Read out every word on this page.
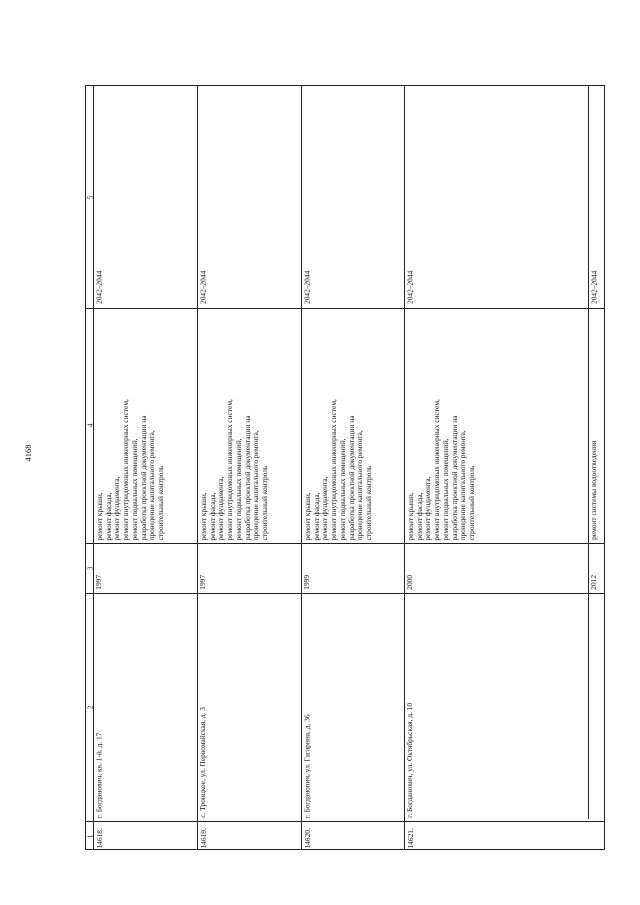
4168
1
2
3
4
5
14618.
г. Богданович, кв. 1-й, д. 17
1997
ремонт крыши, ремонт фасада, ремонт фундамента, ремонт внутридомовых инженерных систем, ремонт подвальных помещений, разработка проектной документации на проведение капитального ремонта, строительный контроль
2042–2044
14619.
с. Троицкое, ул. Первомайская, д. 3
1997
ремонт крыши, ремонт фасада, ремонт фундамента, ремонт внутридомовых инженерных систем, ремонт подвальных помещений, разработка проектной документации на проведение капитального ремонта, строительный контроль
2042–2044
14620.
г. Богданович, ул. Гагарина, д. 36
1999
ремонт крыши, ремонт фасада, ремонт фундамента, ремонт внутридомовых инженерных систем, ремонт подвальных помещений, разработка проектной документации на проведение капитального ремонта, строительный контроль
2042–2044
14621.
г. Богданович, ул. Октябрьская, д. 10
2000
ремонт крыши, ремонт фасада, ремонт фундамента, ремонт внутридомовых инженерных систем, ремонт подвальных помещений, разработка проектной документации на проведение капитального ремонта, строительный контроль
2042–2044
2012
ремонт системы водоотведения
2042–2044
